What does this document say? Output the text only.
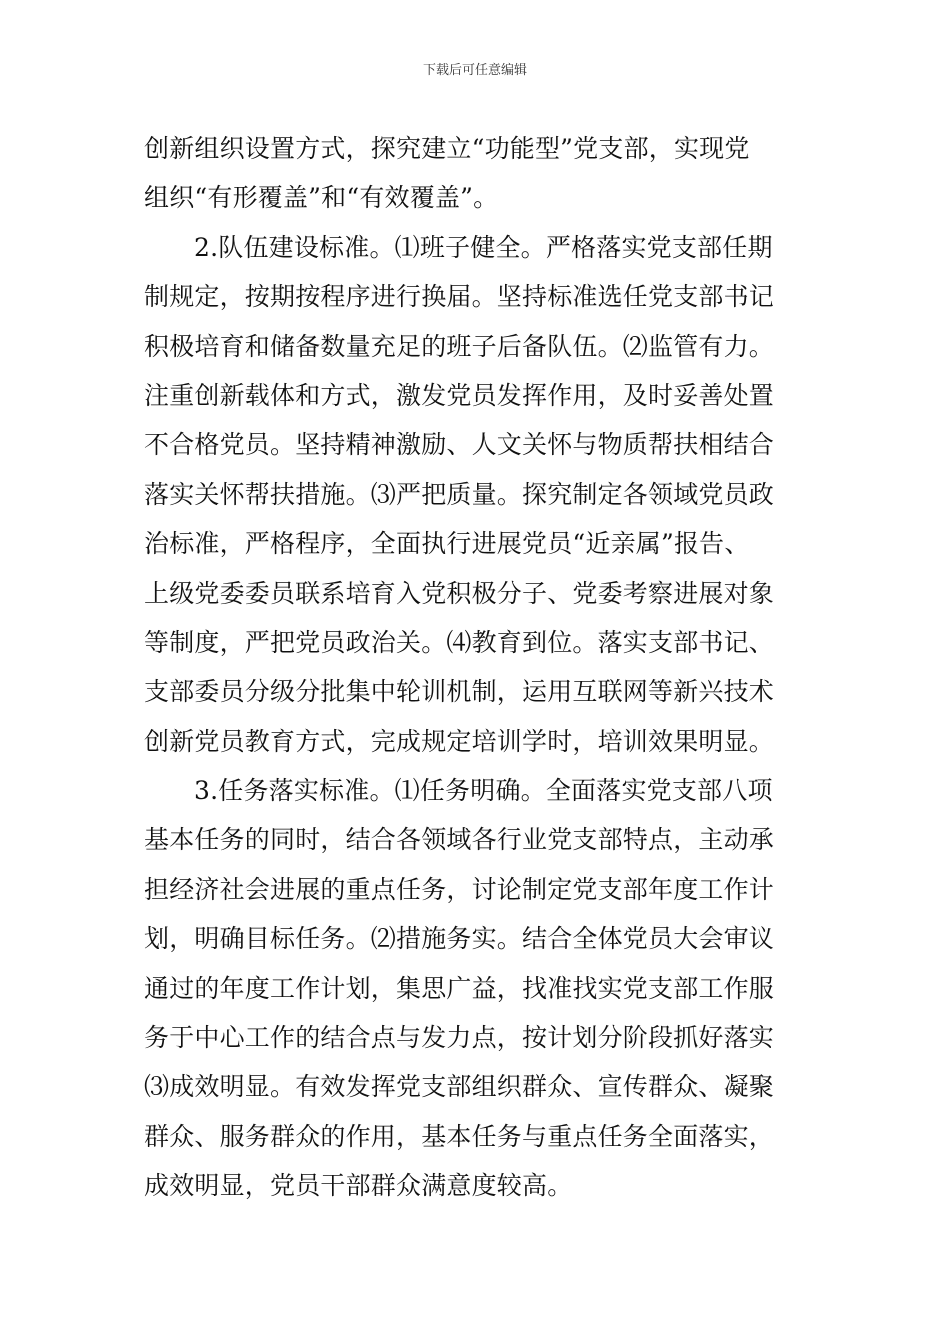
下载后可任意编辑
创新组织设置方式，探究建立“功能型”党支部，实现党
组织“有形覆盖”和“有效覆盖”。
2.队伍建设标准。⑴班子健全。严格落实党支部任期
制规定，按期按程序进行换届。坚持标准选任党支部书记
积极培育和储备数量充足的班子后备队伍。⑵监管有力。
注重创新载体和方式，激发党员发挥作用，及时妥善处置
不合格党员。坚持精神激励、人文关怀与物质帮扶相结合
落实关怀帮扶措施。⑶严把质量。探究制定各领域党员政
治标准，严格程序，全面执行进展党员“近亲属”报告、
上级党委委员联系培育入党积极分子、党委考察进展对象
等制度，严把党员政治关。⑷教育到位。落实支部书记、
支部委员分级分批集中轮训机制，运用互联网等新兴技术
创新党员教育方式，完成规定培训学时，培训效果明显。
3.任务落实标准。⑴任务明确。全面落实党支部八项
基本任务的同时，结合各领域各行业党支部特点，主动承
担经济社会进展的重点任务，讨论制定党支部年度工作计
划，明确目标任务。⑵措施务实。结合全体党员大会审议
通过的年度工作计划，集思广益，找准找实党支部工作服
务于中心工作的结合点与发力点，按计划分阶段抓好落实
⑶成效明显。有效发挥党支部组织群众、宣传群众、凝聚
群众、服务群众的作用，基本任务与重点任务全面落实，
成效明显，党员干部群众满意度较高。
